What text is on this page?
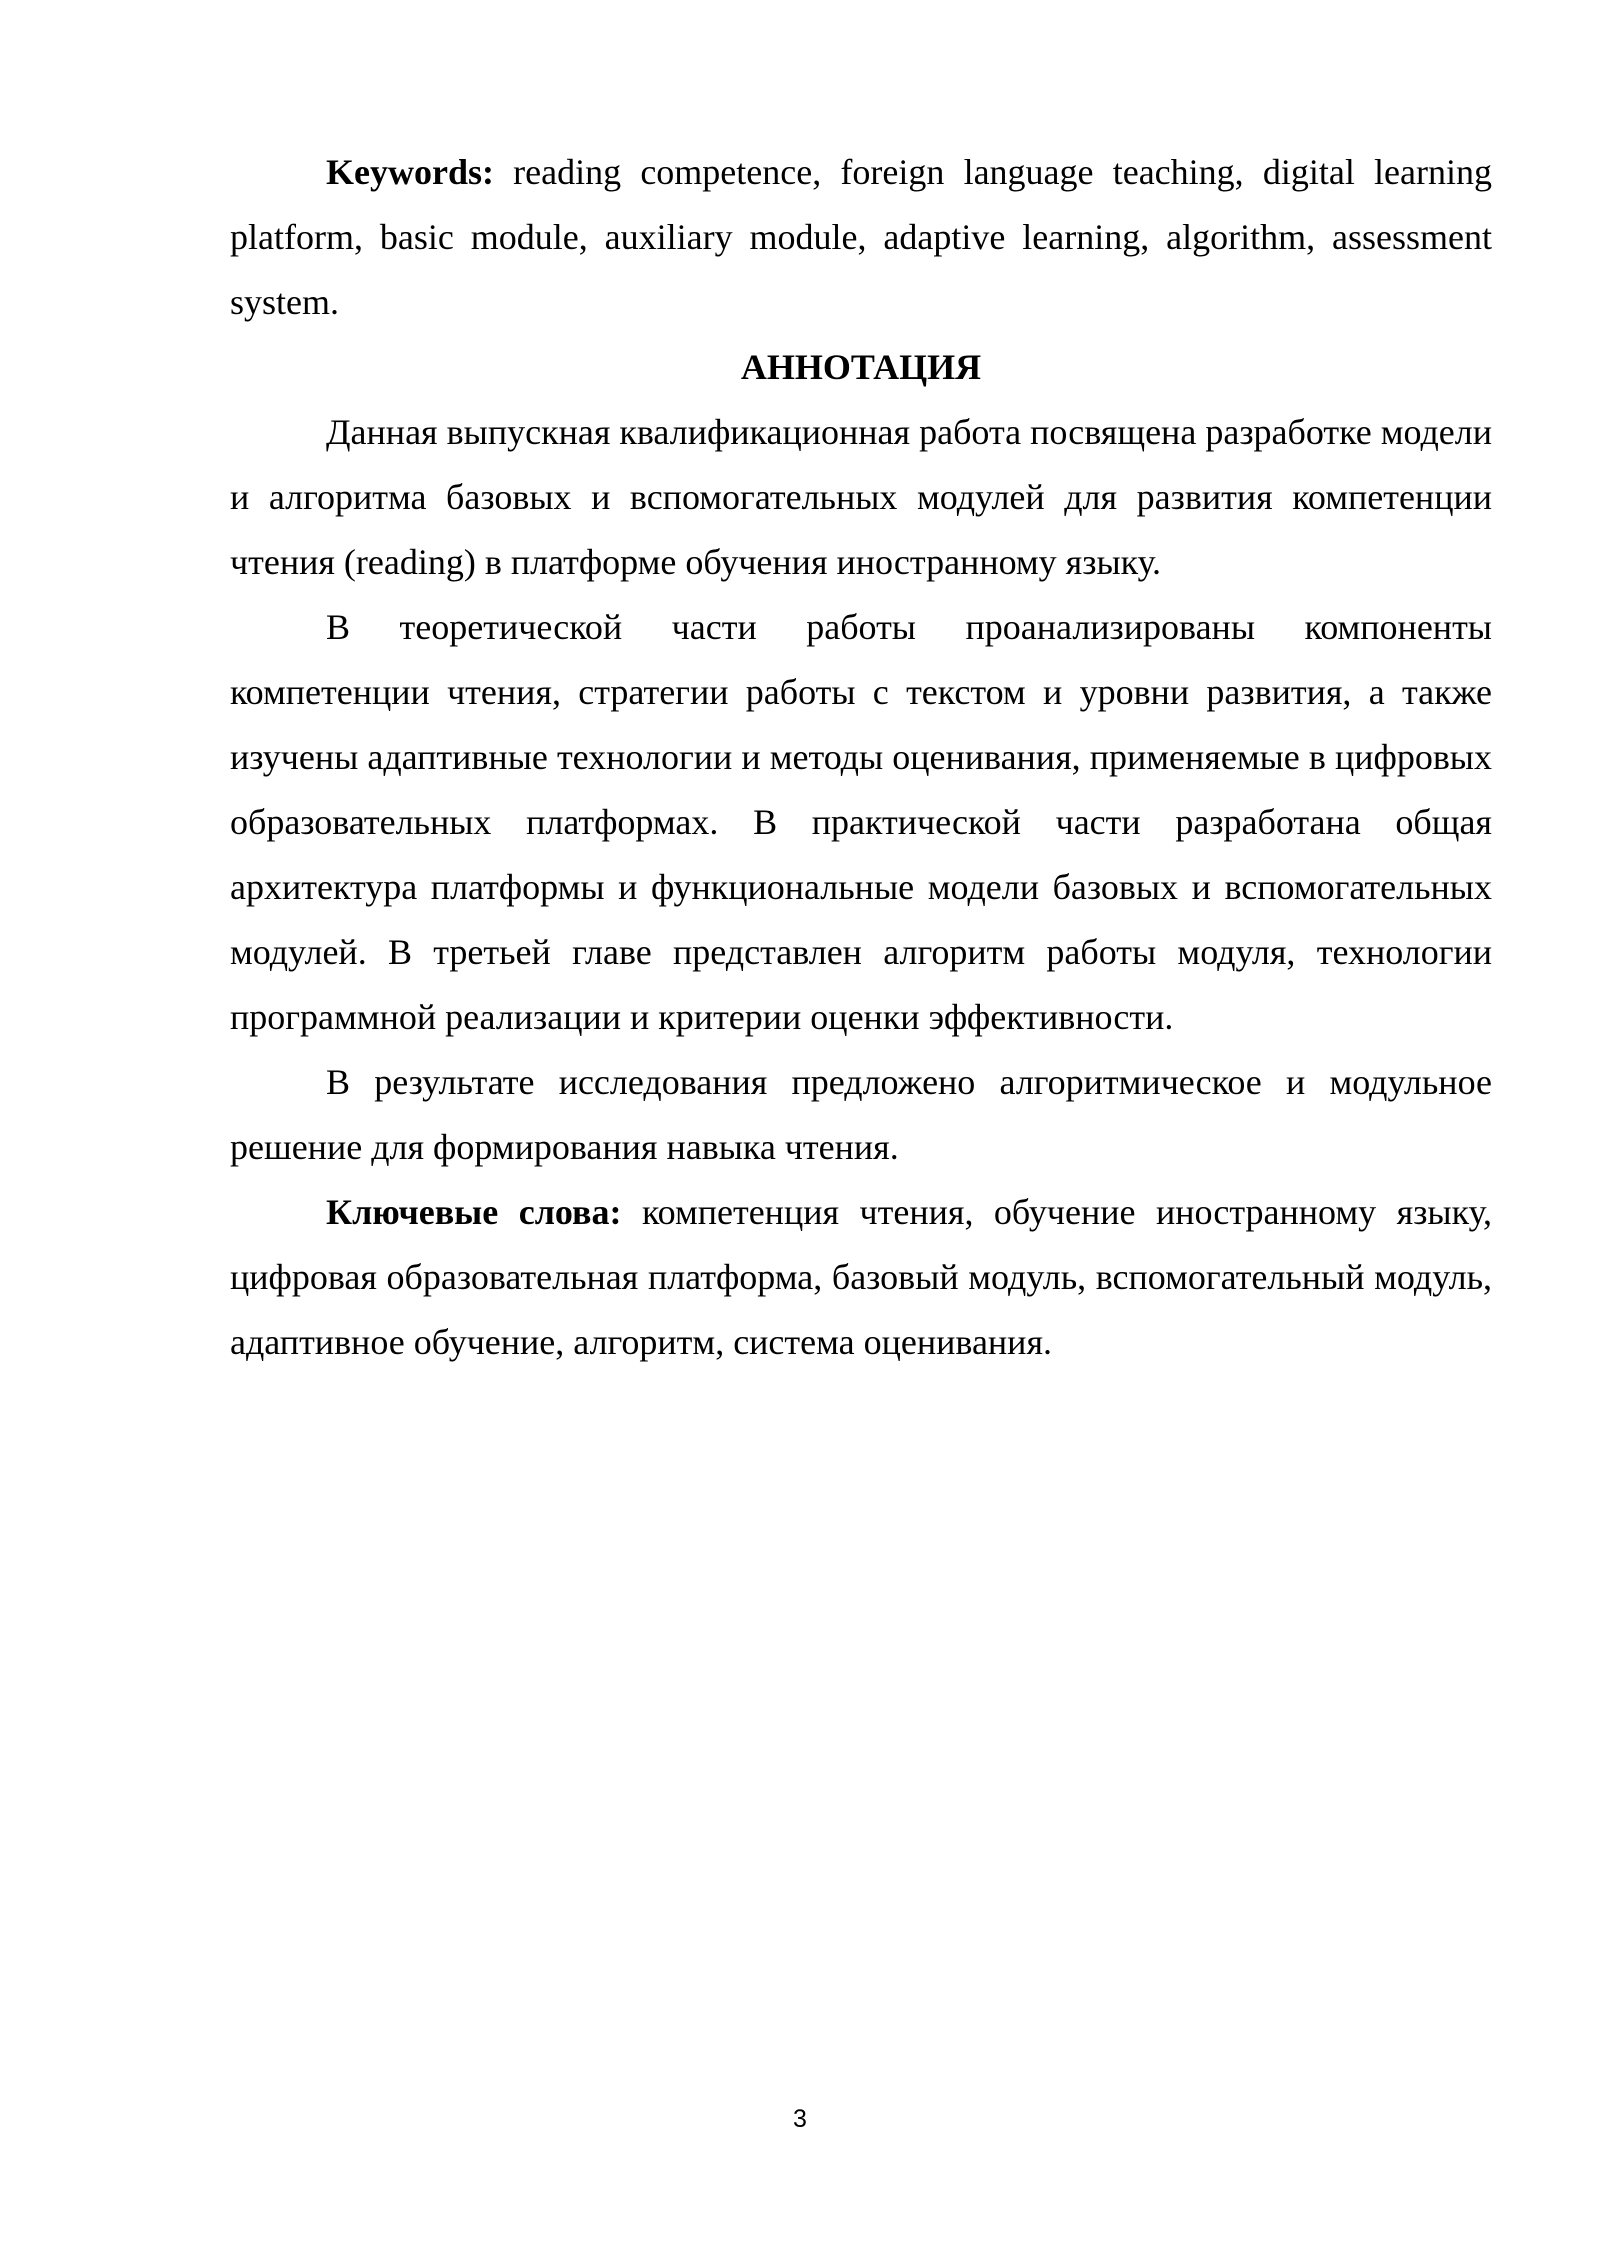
Keywords: reading competence, foreign language teaching, digital learning platform, basic module, auxiliary module, adaptive learning, algorithm, assessment system.

АННОТАЦИЯ

Данная выпускная квалификационная работа посвящена разработке модели и алгоритма базовых и вспомогательных модулей для развития компетенции чтения (reading) в платформе обучения иностранному языку.

В теоретической части работы проанализированы компоненты компетенции чтения, стратегии работы с текстом и уровни развития, а также изучены адаптивные технологии и методы оценивания, применяемые в цифровых образовательных платформах. В практической части разработана общая архитектура платформы и функциональные модели базовых и вспомогательных модулей. В третьей главе представлен алгоритм работы модуля, технологии программной реализации и критерии оценки эффективности.

В результате исследования предложено алгоритмическое и модульное решение для формирования навыка чтения.

Ключевые слова: компетенция чтения, обучение иностранному языку, цифровая образовательная платформа, базовый модуль, вспомогательный модуль, адаптивное обучение, алгоритм, система оценивания.

3
